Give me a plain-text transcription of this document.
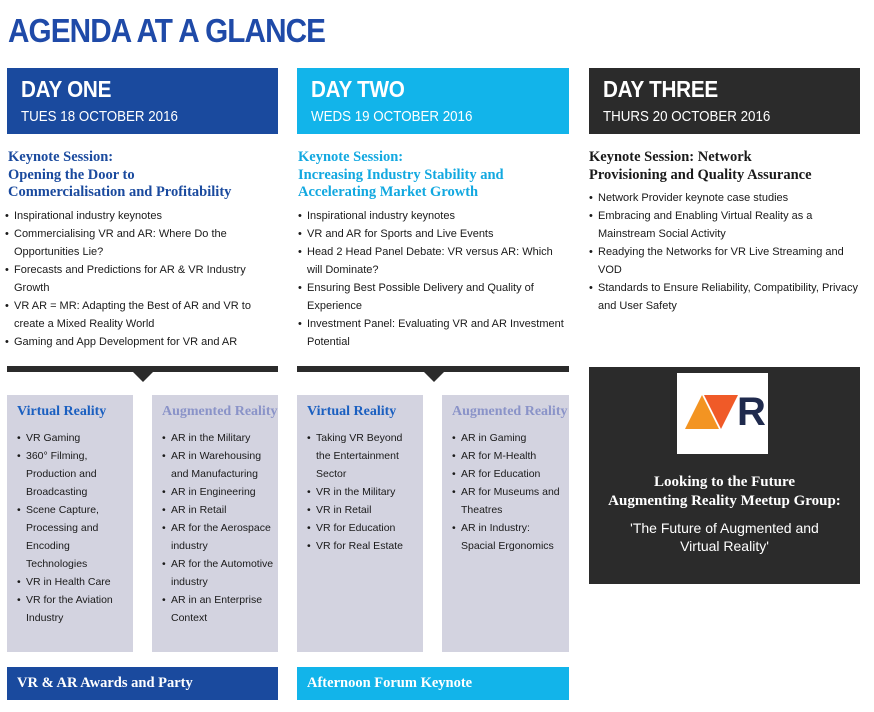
AGENDA AT A GLANCE
DAY ONE
TUES 18 OCTOBER 2016
DAY TWO
WEDS 19 OCTOBER 2016
DAY THREE
THURS 20 OCTOBER 2016
Keynote Session:
Opening the Door to
Commercialisation and Profitability
Keynote Session:
Increasing Industry Stability and
Accelerating Market Growth
Keynote Session: Network
Provisioning and Quality Assurance
• Inspirational industry keynotes
• Commercialising VR and AR: Where Do the Opportunities Lie?
• Forecasts and Predictions for AR & VR Industry Growth
• VR AR = MR: Adapting the Best of AR and VR to create a Mixed Reality World
• Gaming and App Development for VR and AR
• Inspirational industry keynotes
• VR and AR for Sports and Live Events
• Head 2 Head Panel Debate: VR versus AR: Which will Dominate?
• Ensuring Best Possible Delivery and Quality of Experience
• Investment Panel: Evaluating VR and AR Investment Potential
• Network Provider keynote case studies
• Embracing and Enabling Virtual Reality as a Mainstream Social Activity
• Readying the Networks for VR Live Streaming and VOD
• Standards to Ensure Reliability, Compatibility, Privacy and User Safety
Virtual Reality
• VR Gaming
• 360° Filming, Production and Broadcasting
• Scene Capture, Processing and Encoding Technologies
• VR in Health Care
• VR for the Aviation Industry
Augmented Reality
• AR in the Military
• AR in Warehousing and Manufacturing
• AR in Engineering
• AR in Retail
• AR for the Aerospace industry
• AR for the Automotive industry
• AR in an Enterprise Context
Virtual Reality
• Taking VR Beyond the Entertainment Sector
• VR in the Military
• VR in Retail
• VR for Education
• VR for Real Estate
Augmented Reality
• AR in Gaming
• AR for M-Health
• AR for Education
• AR for Museums and Theatres
• AR in Industry: Spacial Ergonomics
VR & AR Awards and Party	Afternoon Forum Keynote
R
Looking to the Future
Augmenting Reality Meetup Group:
'The Future of Augmented and
Virtual Reality'
